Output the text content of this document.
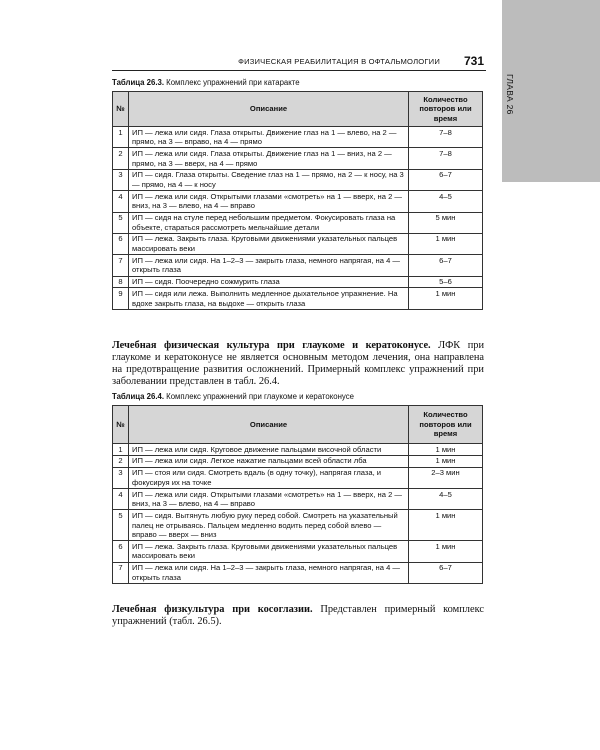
ГЛАВА 26
ФИЗИЧЕСКАЯ РЕАБИЛИТАЦИЯ В ОФТАЛЬМОЛОГИИ 731
Таблица 26.3. Комплекс упражнений при катаракте
№	Описание	Количество повторов или время
1	ИП — лежа или сидя. Глаза открыты. Движение глаз на 1 — влево, на 2 — прямо, на 3 — вправо, на 4 — прямо	7–8
2	ИП — лежа или сидя. Глаза открыты. Движение глаз на 1 — вниз, на 2 — прямо, на 3 — вверх, на 4 — прямо	7–8
3	ИП — сидя. Глаза открыты. Сведение глаз на 1 — прямо, на 2 — к носу, на 3 — прямо, на 4 — к носу	6–7
4	ИП — лежа или сидя. Открытыми глазами «смотреть» на 1 — вверх, на 2 — вниз, на 3 — влево, на 4 — вправо	4–5
5	ИП — сидя на стуле перед небольшим предметом. Фокусировать глаза на объекте, стараться рассмотреть мельчайшие детали	5 мин
6	ИП — лежа. Закрыть глаза. Круговыми движениями указательных пальцев массировать веки	1 мин
7	ИП — лежа или сидя. На 1–2–3 — закрыть глаза, немного напрягая, на 4 — открыть глаза	6–7
8	ИП — сидя. Поочередно сожмурить глаза	5–6
9	ИП — сидя или лежа. Выполнить медленное дыхательное упражнение. На вдохе закрыть глаза, на выдохе — открыть глаза	1 мин
Лечебная физическая культура при глаукоме и кератоконусе. ЛФК при глаукоме и кератоконусе не является основным методом лечения, она направлена на предотвращение развития осложнений. Примерный комплекс упражнений при заболевании представлен в табл. 26.4.
Таблица 26.4. Комплекс упражнений при глаукоме и кератоконусе
№	Описание	Количество повторов или время
1	ИП — лежа или сидя. Круговое движение пальцами височной области	1 мин
2	ИП — лежа или сидя. Легкое нажатие пальцами всей области лба	1 мин
3	ИП — стоя или сидя. Смотреть вдаль (в одну точку), напрягая глаза, и фокусируя их на точке	2–3 мин
4	ИП — лежа или сидя. Открытыми глазами «смотреть» на 1 — вверх, на 2 — вниз, на 3 — влево, на 4 — вправо	4–5
5	ИП — сидя. Вытянуть любую руку перед собой. Смотреть на указательный палец не отрываясь. Пальцем медленно водить перед собой влево — вправо — вверх — вниз	1 мин
6	ИП — лежа. Закрыть глаза. Круговыми движениями указательных пальцев массировать веки	1 мин
7	ИП — лежа или сидя. На 1–2–3 — закрыть глаза, немного напрягая, на 4 — открыть глаза	6–7
Лечебная физкультура при косоглазии. Представлен примерный комплекс упражнений (табл. 26.5).
